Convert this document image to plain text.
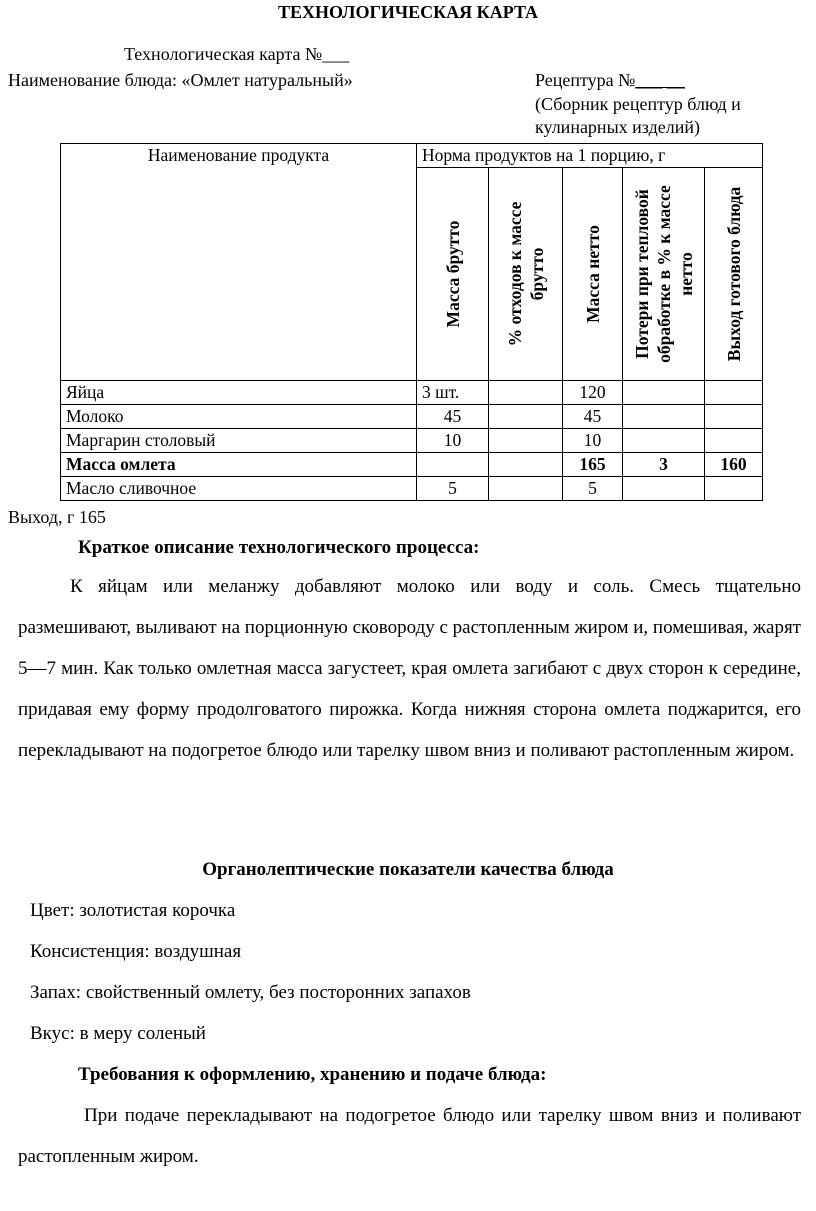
ТЕХНОЛОГИЧЕСКАЯ КАРТА
Технологическая карта №___
Наименование блюда: «Омлет натуральный»	Рецептура №___ __
(Сборник рецептур блюд и
кулинарных изделий)
Наименование продукта	Норма продуктов на 1 порцию, г				

	Масса брутто	% отходов к массе брутто	Масса нетто	Потери при тепловой обработке в % к массе нетто	Выход готового блюда

Яйца	3 шт.		120		
Молоко	45		45		
Маргарин столовый	10		10		
Масса омлета			165	3	160
Масло сливочное	5		5		
Выход, г 165
Краткое описание технологического процесса:

К яйцам или меланжу добавляют молоко или воду и соль. Смесь тщательно размешивают, выливают на порционную сковороду с растопленным жиром и, помешивая, жарят 5—7 мин. Как только омлетная масса загустеет, края омлета загибают с двух сторон к середине, придавая ему форму продолговатого пирожка. Когда нижняя сторона омлета поджарится, его перекладывают на подогретое блюдо или тарелку швом вниз и поливают растопленным жиром.

Органолептические показатели качества блюда
Цвет: золотистая корочка
Консистенция: воздушная
Запах: свойственный омлету, без посторонних запахов
Вкус: в меру соленый
Требования к оформлению, хранению и подаче блюда:

При подаче перекладывают на подогретое блюдо или тарелку швом вниз и поливают растопленным жиром.
